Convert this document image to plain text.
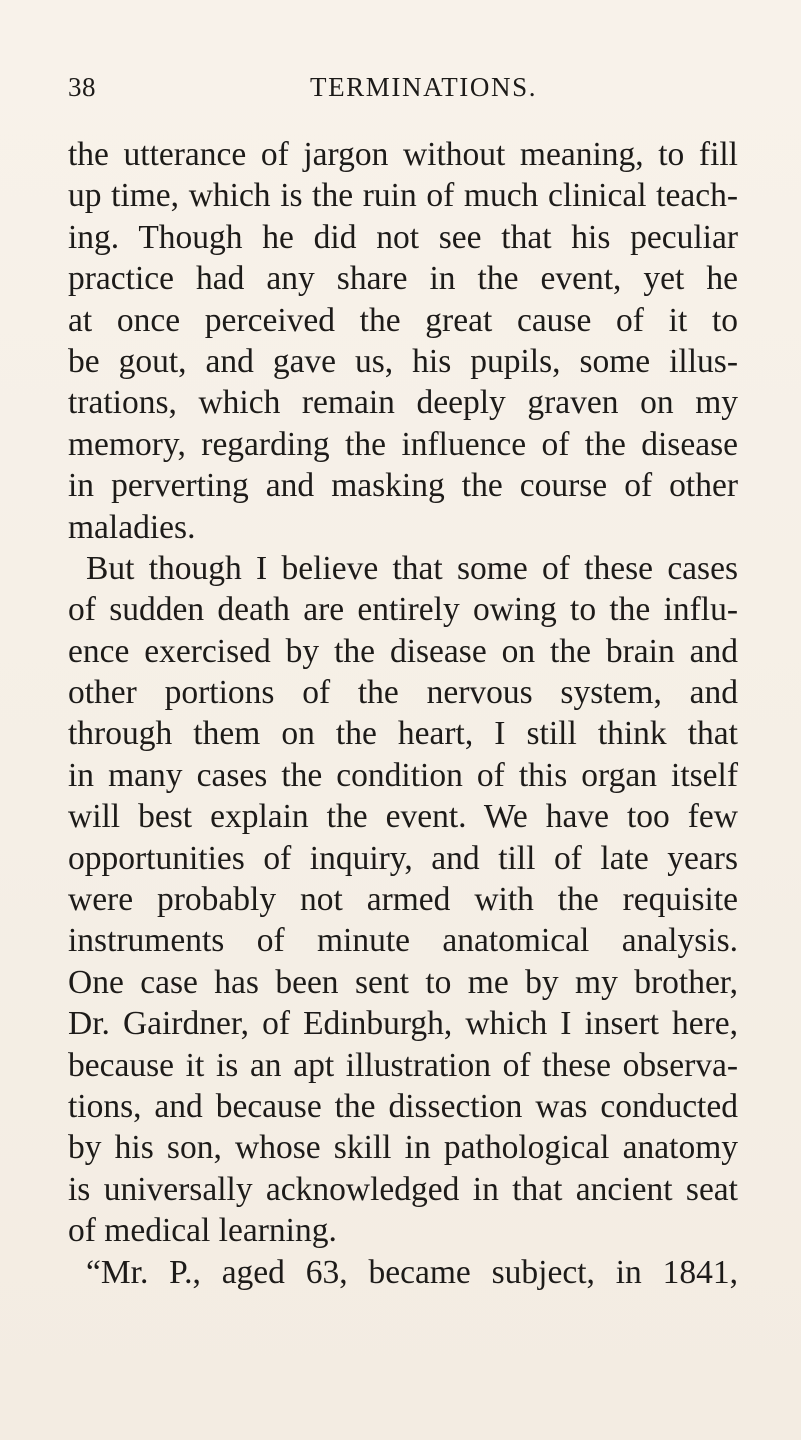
38	TERMINATIONS.
the utterance of jargon without meaning, to fill
up time, which is the ruin of much clinical teach-
ing. Though he did not see that his peculiar
practice had any share in the event, yet he
at once perceived the great cause of it to
be gout, and gave us, his pupils, some illus-
trations, which remain deeply graven on my
memory, regarding the influence of the disease
in perverting and masking the course of other
maladies.
But though I believe that some of these cases
of sudden death are entirely owing to the influ-
ence exercised by the disease on the brain and
other portions of the nervous system, and
through them on the heart, I still think that
in many cases the condition of this organ itself
will best explain the event. We have too few
opportunities of inquiry, and till of late years
were probably not armed with the requisite
instruments of minute anatomical analysis.
One case has been sent to me by my brother,
Dr. Gairdner, of Edinburgh, which I insert here,
because it is an apt illustration of these observa-
tions, and because the dissection was conducted
by his son, whose skill in pathological anatomy
is universally acknowledged in that ancient seat
of medical learning.
“Mr. P., aged 63, became subject, in 1841,
